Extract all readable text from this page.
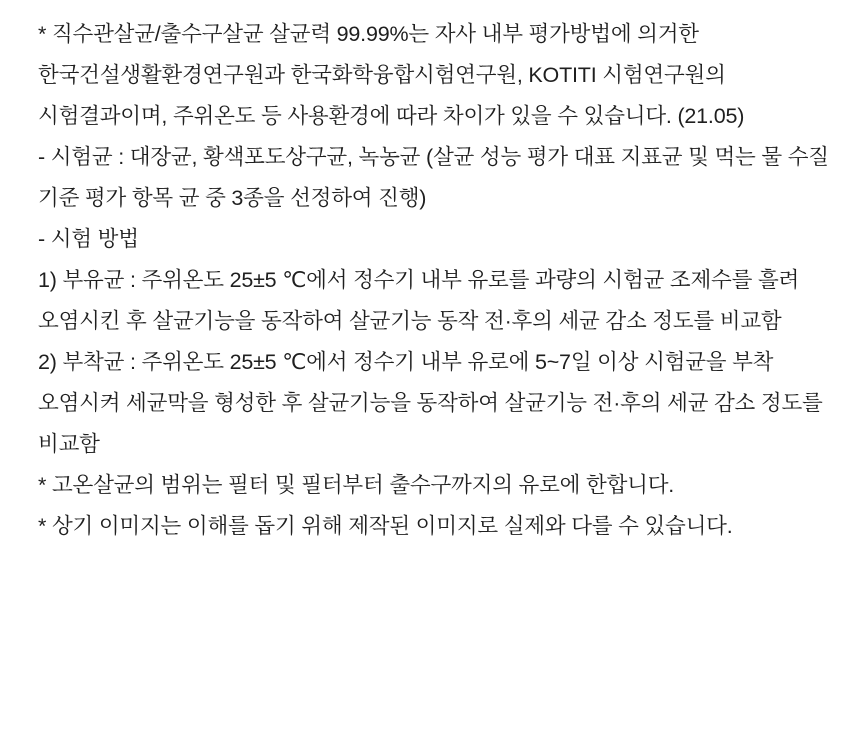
* 직수관살균/출수구살균 살균력 99.99%는 자사 내부 평가방법에 의거한 한국건설생활환경연구원과 한국화학융합시험연구원, KOTITI 시험연구원의 시험결과이며, 주위온도 등 사용환경에 따라 차이가 있을 수 있습니다. (21.05)

- 시험균 : 대장균, 황색포도상구균, 녹농균 (살균 성능 평가 대표 지표균 및 먹는 물 수질 기준 평가 항목 균 중 3종을 선정하여 진행)

- 시험 방법

1) 부유균 : 주위온도 25±5 ℃에서 정수기 내부 유로를 과량의 시험균 조제수를 흘려 오염시킨 후 살균기능을 동작하여 살균기능 동작 전·후의 세균 감소 정도를 비교함

2) 부착균 : 주위온도 25±5 ℃에서 정수기 내부 유로에 5~7일 이상 시험균을 부착 오염시켜 세균막을 형성한 후 살균기능을 동작하여 살균기능 전·후의 세균 감소 정도를 비교함

* 고온살균의 범위는 필터 및 필터부터 출수구까지의 유로에 한합니다.

* 상기 이미지는 이해를 돕기 위해 제작된 이미지로 실제와 다를 수 있습니다.
